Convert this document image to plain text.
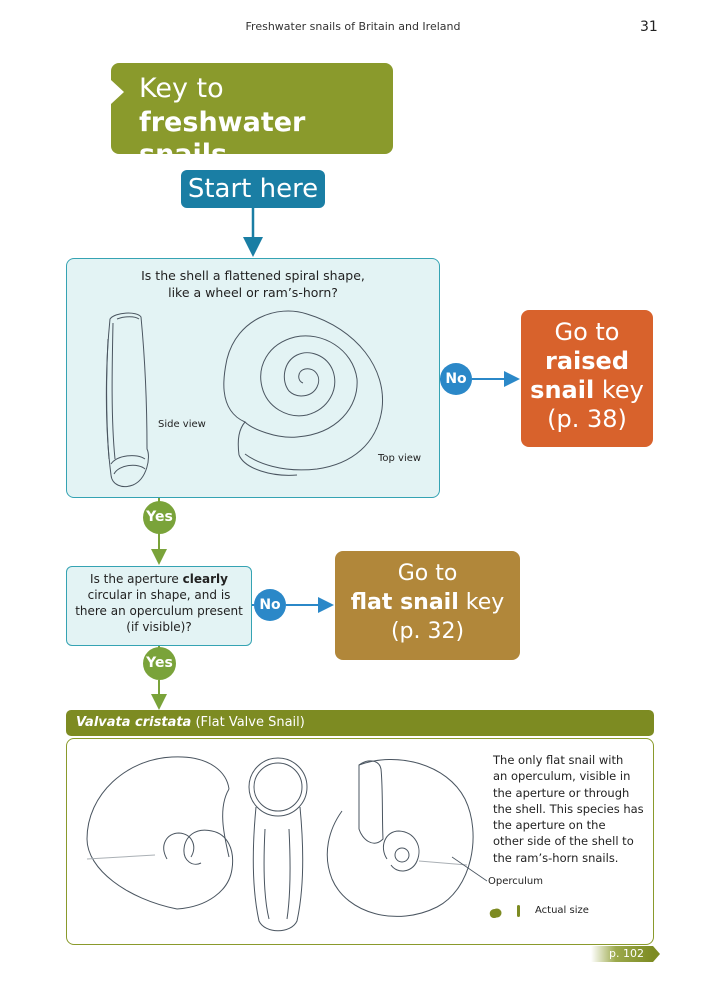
Freshwater snails of Britain and Ireland	31
Key to
freshwater snails
Start here
Is the shell a flattened spiral shape,
like a wheel or ram’s-horn?
Side view
Top view
No
Yes
Go to
raised
snail key
(p. 38)
Is the aperture clearly
circular in shape, and is
there an operculum present
(if visible)?
No
Yes
Go to
flat snail key
(p. 32)
Valvata cristata (Flat Valve Snail)
The only flat snail with
an operculum, visible in
the aperture or through
the shell. This species has
the aperture on the
other side of the shell to
the ram’s-horn snails.
Operculum
Actual size
p. 102
